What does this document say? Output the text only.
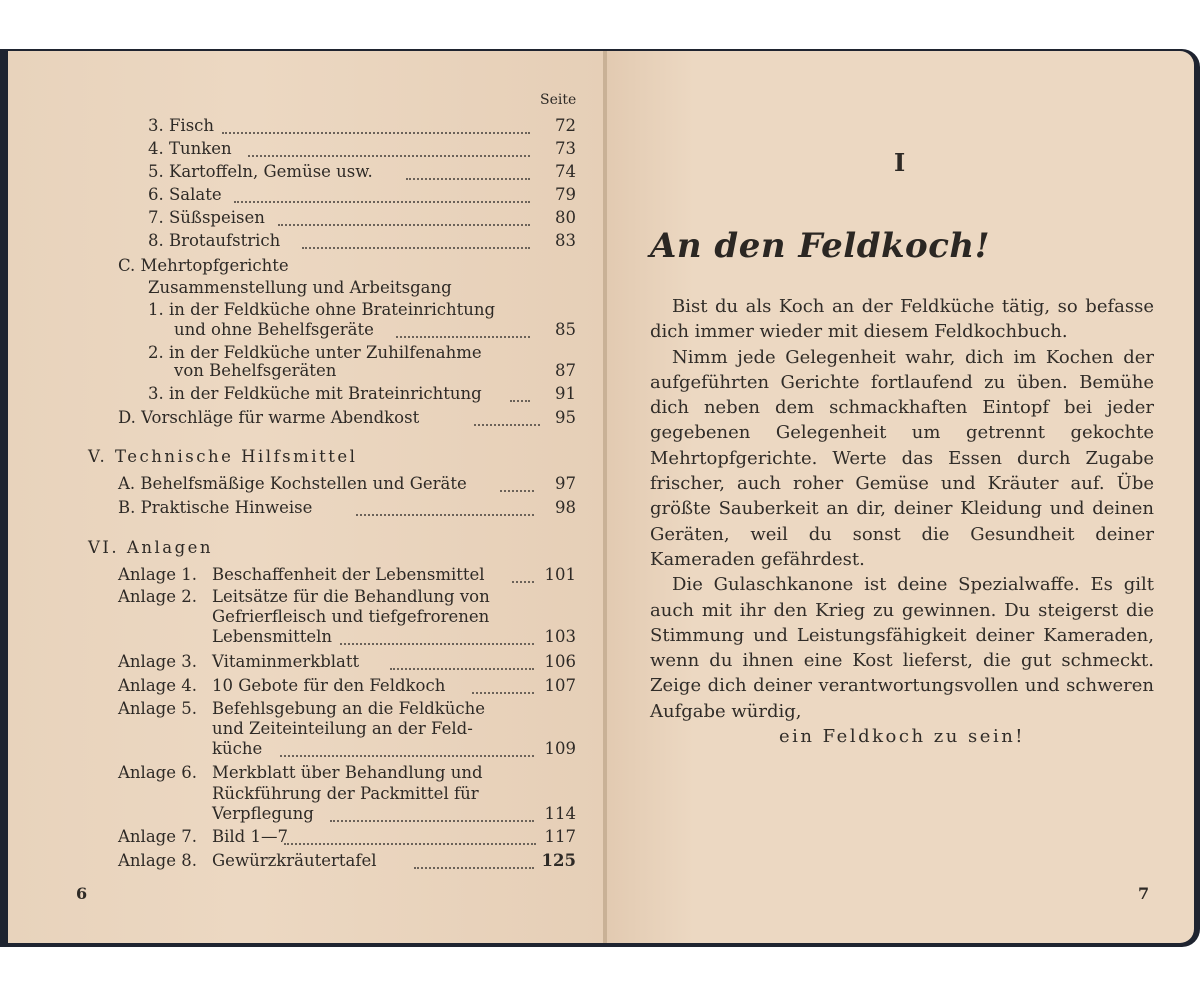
Seite
3. Fisch	72
4. Tunken	73
5. Kartoffeln, Gemüse usw.	74
6. Salate	79
7. Süßspeisen	80
8. Brotaufstrich	83
C. Mehrtopfgerichte
Zusammenstellung und Arbeitsgang
1. in der Feldküche ohne Brateinrichtung
und ohne Behelfsgeräte	85
2. in der Feldküche unter Zuhilfenahme
von Behelfsgeräten	87
3. in der Feldküche mit Brateinrichtung	91
D. Vorschläge für warme Abendkost	95
V. Technische Hilfsmittel
A. Behelfsmäßige Kochstellen und Geräte	97
B. Praktische Hinweise	98
VI. Anlagen
Anlage 1. Beschaffenheit der Lebensmittel	101
Anlage 2. Leitsätze für die Behandlung von
Gefrierfleisch und tiefgefrorenen
Lebensmitteln	103
Anlage 3. Vitaminmerkblatt	106
Anlage 4. 10 Gebote für den Feldkoch	107
Anlage 5. Befehlsgebung an die Feldküche
und Zeiteinteilung an der Feld-
küche	109
Anlage 6. Merkblatt über Behandlung und
Rückführung der Packmittel für
Verpflegung	114
Anlage 7. Bild 1—7	117
Anlage 8. Gewürzkräutertafel	125
6
I
An den Feldkoch!

Bist du als Koch an der Feldküche tätig, so befasse dich immer wieder mit diesem Feldkochbuch.

Nimm jede Gelegenheit wahr, dich im Kochen der aufgeführten Gerichte fortlaufend zu üben. Bemühe dich neben dem schmackhaften Eintopf bei jeder gegebenen Gelegenheit um getrennt gekochte Mehrtopfgerichte. Werte das Essen durch Zugabe frischer, auch roher Gemüse und Kräuter auf. Übe größte Sauberkeit an dir, deiner Kleidung und deinen Geräten, weil du sonst die Gesundheit deiner Kameraden gefährdest.

Die Gulaschkanone ist deine Spezialwaffe. Es gilt auch mit ihr den Krieg zu gewinnen. Du steigerst die Stimmung und Leistungsfähigkeit deiner Kameraden, wenn du ihnen eine Kost lieferst, die gut schmeckt. Zeige dich deiner verantwortungsvollen und schweren Aufgabe würdig,

ein Feldkoch zu sein!

7
